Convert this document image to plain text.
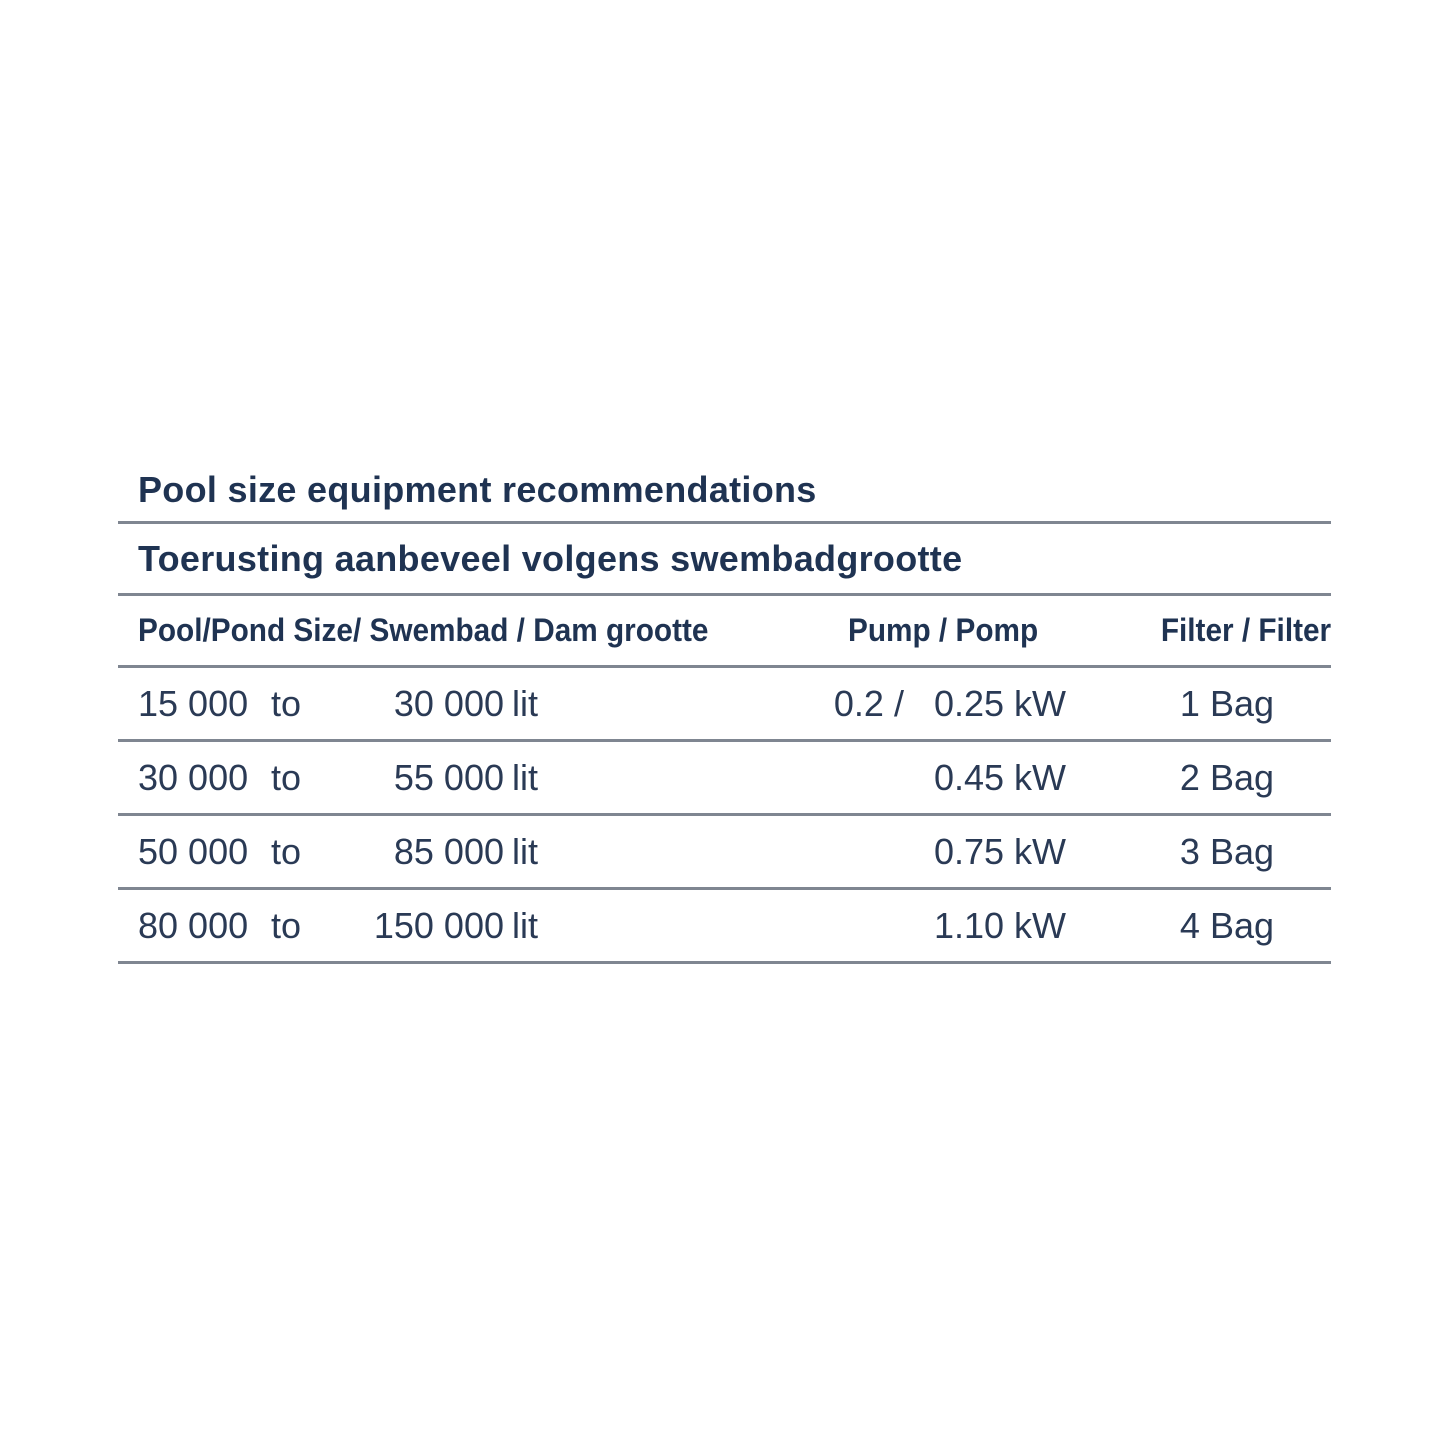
Pool size equipment recommendations
Toerusting aanbeveel volgens swembadgrootte
Pool/Pond Size/ Swembad / Dam grootte	Pump / Pomp	Filter / Filter
15 000 to	30 000 lit	0.2 /   0.25 kW	1 Bag
30 000 to	55 000 lit	0.45 kW	2 Bag
50 000 to	85 000 lit	0.75 kW	3 Bag
80 000 to	150 000 lit	1.10 kW	4 Bag
